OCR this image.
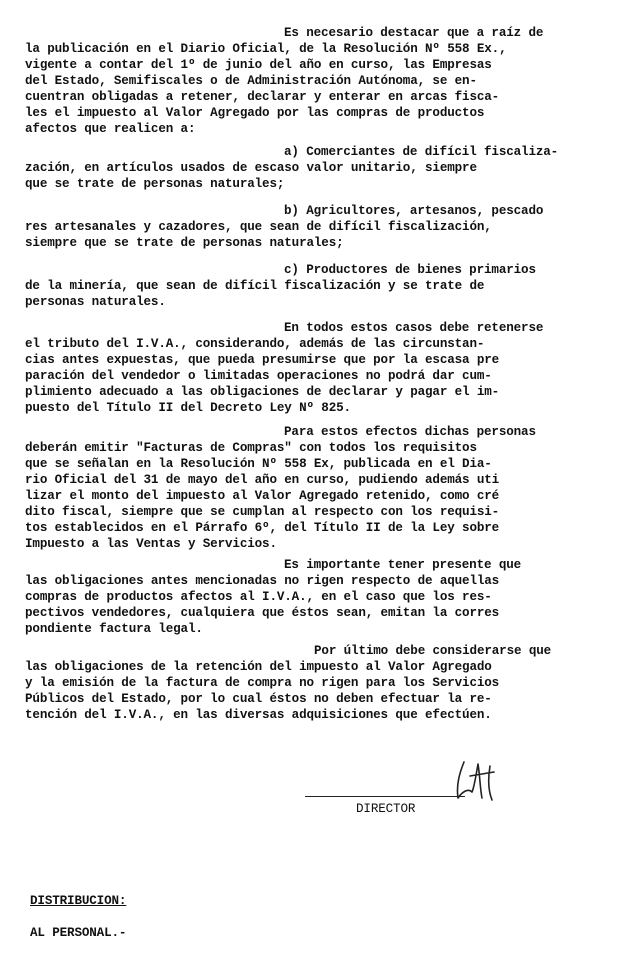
Es necesario destacar que a raíz de
la publicación en el Diario Oficial, de la Resolución Nº 558 Ex.,
vigente a contar del 1º de junio del año en curso, las Empresas
del Estado, Semifiscales o de Administración Autónoma, se en-
cuentran obligadas a retener, declarar y enterar en arcas fisca-
les el impuesto al Valor Agregado por las compras de productos
afectos que realicen a:
a) Comerciantes de difícil fiscaliza-
zación, en artículos usados de escaso valor unitario, siempre
que se trate de personas naturales;
b) Agricultores, artesanos, pescado
res artesanales y cazadores, que sean de difícil fiscalización,
siempre que se trate de personas naturales;
c) Productores de bienes primarios
de la minería, que sean de difícil fiscalización y se trate de
personas naturales.
En todos estos casos debe retenerse
el tributo del I.V.A., considerando, además de las circunstan-
cias antes expuestas, que pueda presumirse que por la escasa pre
paración del vendedor o limitadas operaciones no podrá dar cum-
plimiento adecuado a las obligaciones de declarar y pagar el im-
puesto del Título II del Decreto Ley Nº 825.
Para estos efectos dichas personas
deberán emitir "Facturas de Compras" con todos los requisitos
que se señalan en la Resolución Nº 558 Ex, publicada en el Dia-
rio Oficial del 31 de mayo del año en curso, pudiendo además uti
lizar el monto del impuesto al Valor Agregado retenido, como cré
dito fiscal, siempre que se cumplan al respecto con los requisi-
tos establecidos en el Párrafo 6º, del Título II de la Ley sobre
Impuesto a las Ventas y Servicios.
Es importante tener presente que
las obligaciones antes mencionadas no rigen respecto de aquellas
compras de productos afectos al I.V.A., en el caso que los res-
pectivos vendedores, cualquiera que éstos sean, emitan la corres
pondiente factura legal.
Por último debe considerarse que
las obligaciones de la retención del impuesto al Valor Agregado
y la emisión de la factura de compra no rigen para los Servicios
Públicos del Estado, por lo cual éstos no deben efectuar la re-
tención del I.V.A., en las diversas adquisiciones que efectúen.
DIRECTOR
DISTRIBUCION:
AL PERSONAL.-
